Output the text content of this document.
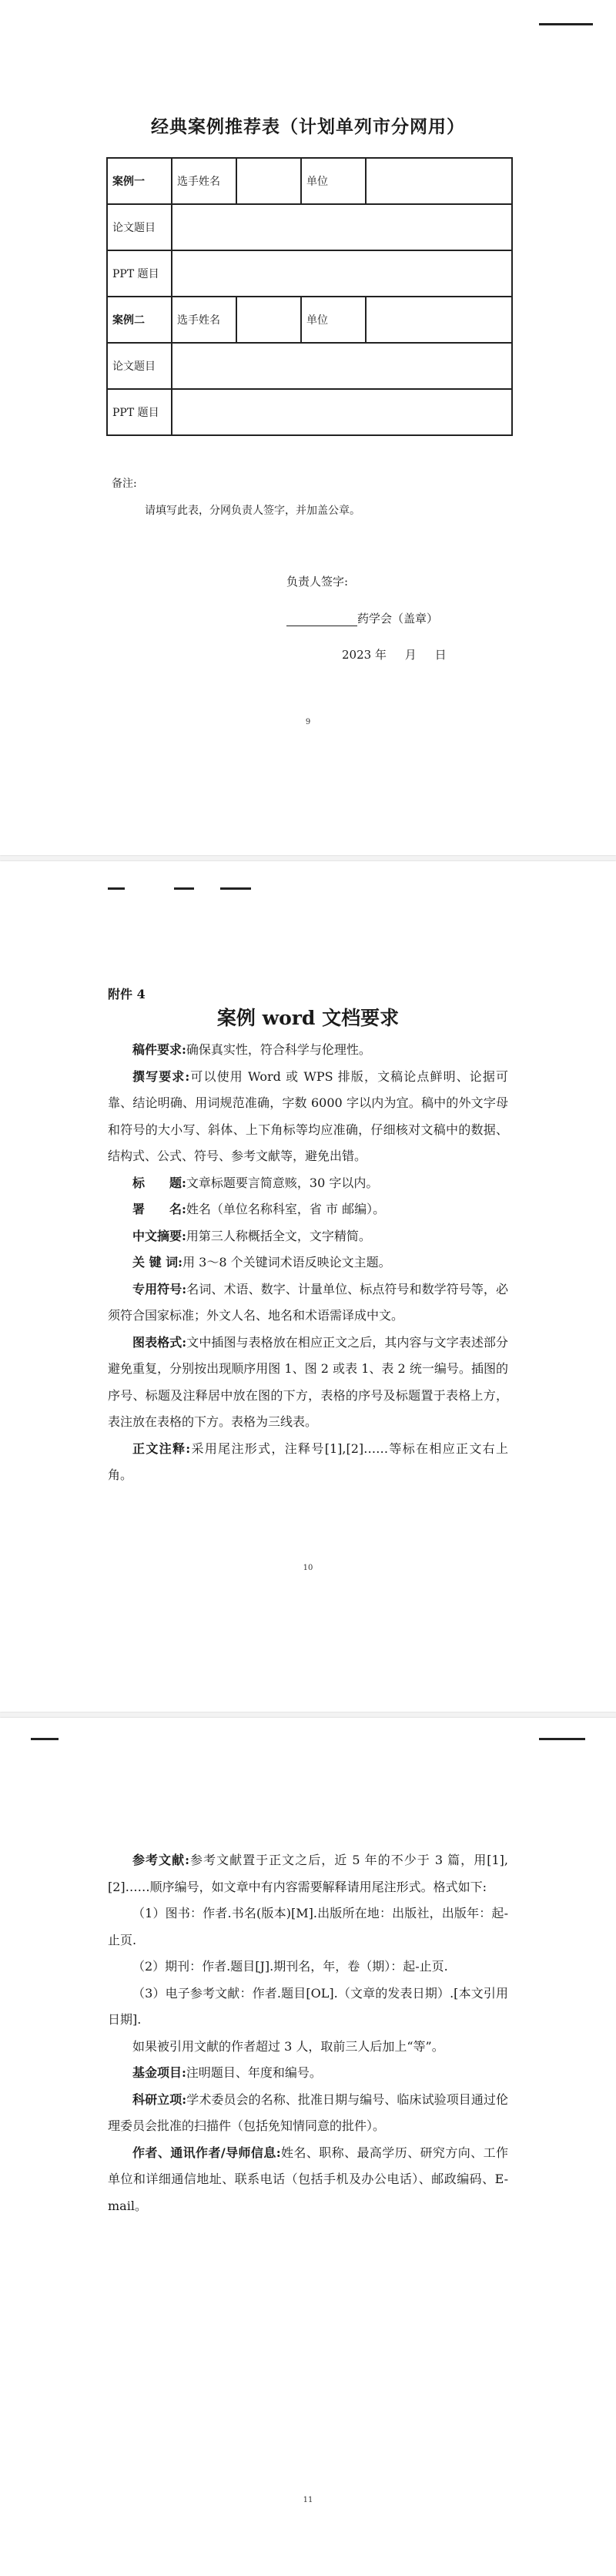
经典案例推荐表（计划单列市分网用）
案例一	选手姓名		单位	
论文题目				
PPT 题目				
案例二	选手姓名		单位	
论文题目				
PPT 题目				
备注:
请填写此表，分网负责人签字，并加盖公章。
负责人签字:
药学会（盖章）
2023 年     月     日
9
10
11
附件 4
案例 word 文档要求

稿件要求:确保真实性，符合科学与伦理性。

撰写要求:可以使用 Word 或 WPS 排版，文稿论点鲜明、论据可靠、结论明确、用词规范准确，字数 6000 字以内为宜。稿中的外文字母和符号的大小写、斜体、上下角标等均应准确，仔细核对文稿中的数据、结构式、公式、符号、参考文献等，避免出错。

标　　题:文章标题要言简意赅，30 字以内。

署　　名:姓名（单位名称科室，省 市 邮编）。

中文摘要:用第三人称概括全文，文字精简。

关 键 词:用 3～8 个关键词术语反映论文主题。

专用符号:名词、术语、数字、计量单位、标点符号和数学符号等，必须符合国家标准；外文人名、地名和术语需译成中文。

图表格式:文中插图与表格放在相应正文之后，其内容与文字表述部分避免重复，分别按出现顺序用图 1、图 2 或表 1、表 2 统一编号。插图的序号、标题及注释居中放在图的下方，表格的序号及标题置于表格上方，表注放在表格的下方。表格为三线表。

正文注释:采用尾注形式，注释号[1],[2]……等标在相应正文右上角。

参考文献:参考文献置于正文之后，近 5 年的不少于 3 篇，用[1],[2]……顺序编号，如文章中有内容需要解释请用尾注形式。格式如下:

（1）图书：作者.书名(版本)[M].出版所在地：出版社，出版年：起-止页.

（2）期刊：作者.题目[J].期刊名，年，卷（期）：起-止页.

（3）电子参考文献：作者.题目[OL].（文章的发表日期）.[本文引用日期].

如果被引用文献的作者超过 3 人，取前三人后加上“等”。

基金项目:注明题目、年度和编号。

科研立项:学术委员会的名称、批准日期与编号、临床试验项目通过伦理委员会批准的扫描件（包括免知情同意的批件）。

作者、通讯作者/导师信息:姓名、职称、最高学历、研究方向、工作单位和详细通信地址、联系电话（包括手机及办公电话）、邮政编码、E-mail。
